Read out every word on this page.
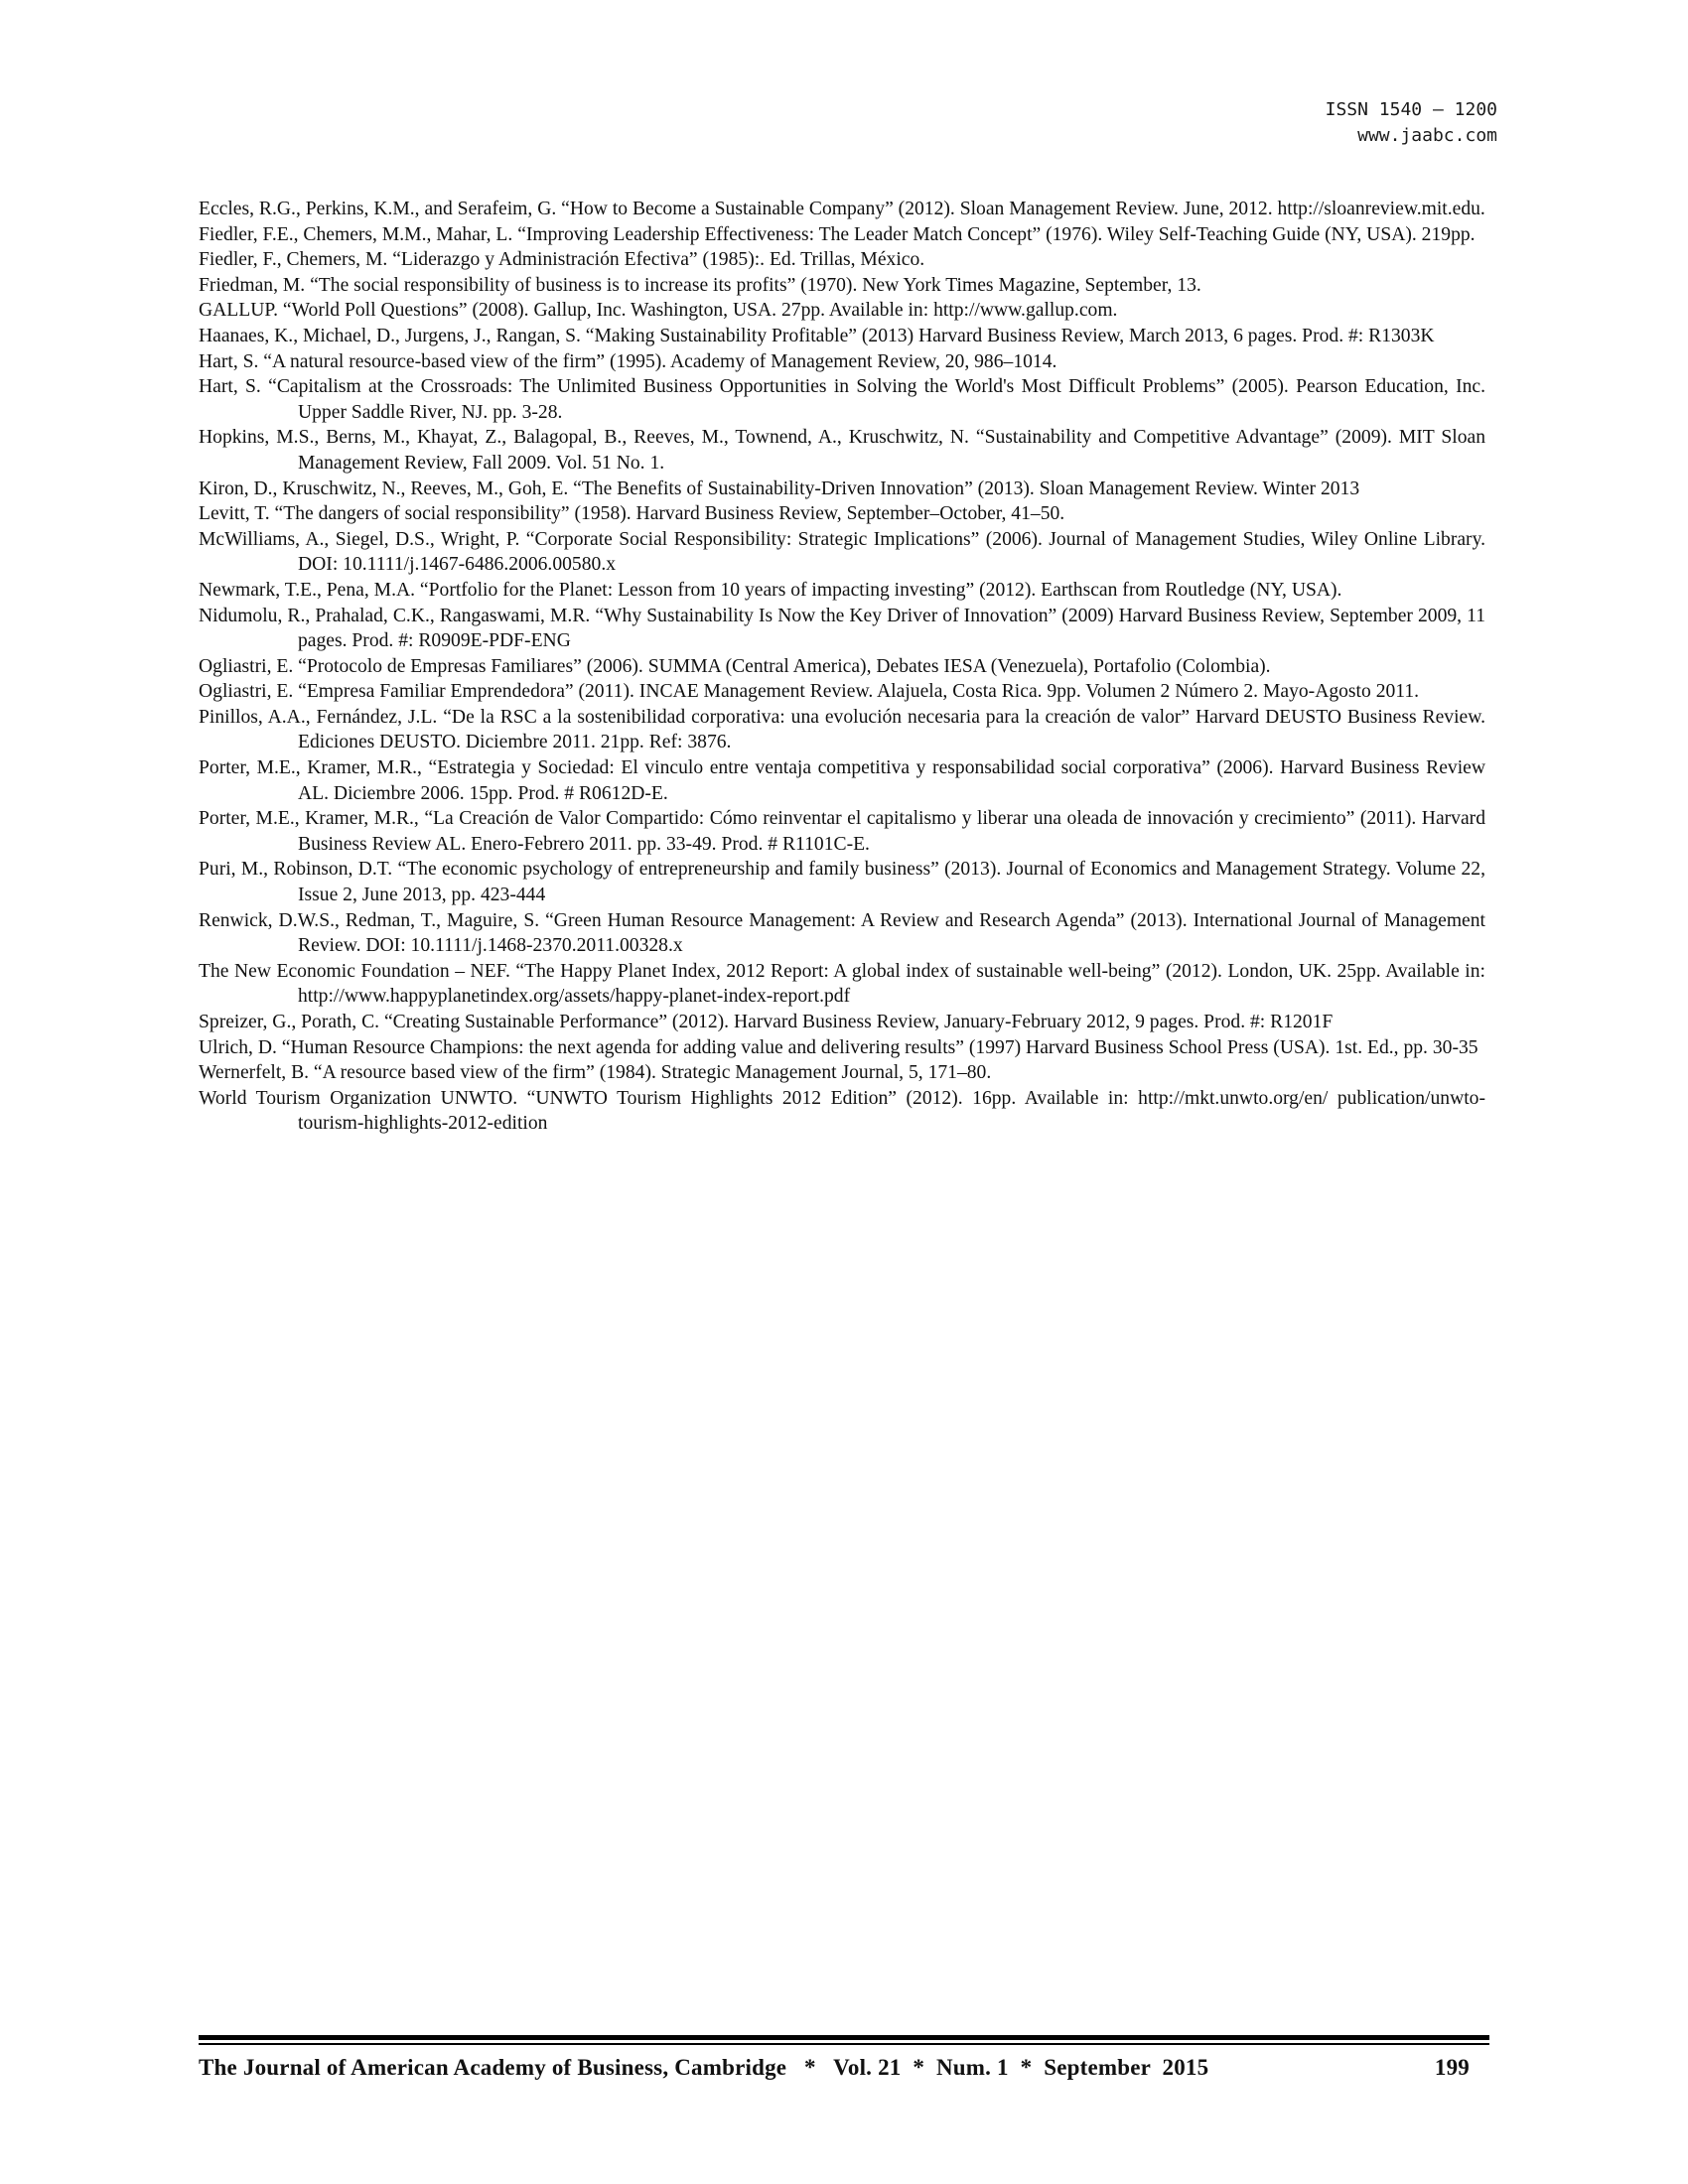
ISSN 1540 – 1200
www.jaabc.com
Eccles, R.G., Perkins, K.M., and Serafeim, G. “How to Become a Sustainable Company” (2012). Sloan Management Review. June, 2012. http://sloanreview.mit.edu.
Fiedler, F.E., Chemers, M.M., Mahar, L. “Improving Leadership Effectiveness: The Leader Match Concept” (1976). Wiley Self-Teaching Guide (NY, USA). 219pp.
Fiedler, F., Chemers, M. “Liderazgo y Administración Efectiva” (1985):. Ed. Trillas, México.
Friedman, M. “The social responsibility of business is to increase its profits” (1970). New York Times Magazine, September, 13.
GALLUP. “World Poll Questions” (2008). Gallup, Inc. Washington, USA. 27pp. Available in: http://www.gallup.com.
Haanaes, K., Michael, D., Jurgens, J., Rangan, S. “Making Sustainability Profitable” (2013) Harvard Business Review, March 2013, 6 pages. Prod. #: R1303K
Hart, S. “A natural resource-based view of the firm” (1995). Academy of Management Review, 20, 986–1014.
Hart, S. “Capitalism at the Crossroads: The Unlimited Business Opportunities in Solving the World's Most Difficult Problems” (2005). Pearson Education, Inc. Upper Saddle River, NJ. pp. 3-28.
Hopkins, M.S., Berns, M., Khayat, Z., Balagopal, B., Reeves, M., Townend, A., Kruschwitz, N. “Sustainability and Competitive Advantage” (2009). MIT Sloan Management Review, Fall 2009. Vol. 51 No. 1.
Kiron, D., Kruschwitz, N., Reeves, M., Goh, E. “The Benefits of Sustainability-Driven Innovation” (2013). Sloan Management Review. Winter 2013
Levitt, T. “The dangers of social responsibility” (1958). Harvard Business Review, September–October, 41–50.
McWilliams, A., Siegel, D.S., Wright, P. “Corporate Social Responsibility: Strategic Implications” (2006). Journal of Management Studies, Wiley Online Library. DOI: 10.1111/j.1467-6486.2006.00580.x
Newmark, T.E., Pena, M.A. “Portfolio for the Planet: Lesson from 10 years of impacting investing” (2012). Earthscan from Routledge (NY, USA).
Nidumolu, R., Prahalad, C.K., Rangaswami, M.R. “Why Sustainability Is Now the Key Driver of Innovation” (2009) Harvard Business Review, September 2009, 11 pages. Prod. #: R0909E-PDF-ENG
Ogliastri, E. “Protocolo de Empresas Familiares” (2006). SUMMA (Central America), Debates IESA (Venezuela), Portafolio (Colombia).
Ogliastri, E. “Empresa Familiar Emprendedora” (2011). INCAE Management Review. Alajuela, Costa Rica. 9pp. Volumen 2 Número 2. Mayo-Agosto 2011.
Pinillos, A.A., Fernández, J.L. “De la RSC a la sostenibilidad corporativa: una evolución necesaria para la creación de valor” Harvard DEUSTO Business Review. Ediciones DEUSTO. Diciembre 2011. 21pp. Ref: 3876.
Porter, M.E., Kramer, M.R., “Estrategia y Sociedad: El vinculo entre ventaja competitiva y responsabilidad social corporativa” (2006). Harvard Business Review AL. Diciembre 2006. 15pp. Prod. # R0612D-E.
Porter, M.E., Kramer, M.R., “La Creación de Valor Compartido: Cómo reinventar el capitalismo y liberar una oleada de innovación y crecimiento” (2011). Harvard Business Review AL. Enero-Febrero 2011. pp. 33-49. Prod. # R1101C-E.
Puri, M., Robinson, D.T. “The economic psychology of entrepreneurship and family business” (2013). Journal of Economics and Management Strategy. Volume 22, Issue 2, June 2013, pp. 423-444
Renwick, D.W.S., Redman, T., Maguire, S. “Green Human Resource Management: A Review and Research Agenda” (2013). International Journal of Management Review. DOI: 10.1111/j.1468-2370.2011.00328.x
The New Economic Foundation – NEF. “The Happy Planet Index, 2012 Report: A global index of sustainable well-being” (2012). London, UK. 25pp. Available in: http://www.happyplanetindex.org/assets/happy-planet-index-report.pdf
Spreizer, G., Porath, C. “Creating Sustainable Performance” (2012). Harvard Business Review, January-February 2012, 9 pages. Prod. #: R1201F
Ulrich, D. “Human Resource Champions: the next agenda for adding value and delivering results” (1997) Harvard Business School Press (USA). 1st. Ed., pp. 30-35
Wernerfelt, B. “A resource based view of the firm” (1984). Strategic Management Journal, 5, 171–80.
World Tourism Organization UNWTO. “UNWTO Tourism Highlights 2012 Edition” (2012). 16pp. Available in: http://mkt.unwto.org/en/ publication/unwto-tourism-highlights-2012-edition
The Journal of American Academy of Business, Cambridge   *   Vol. 21  *  Num. 1  *  September  2015	199
